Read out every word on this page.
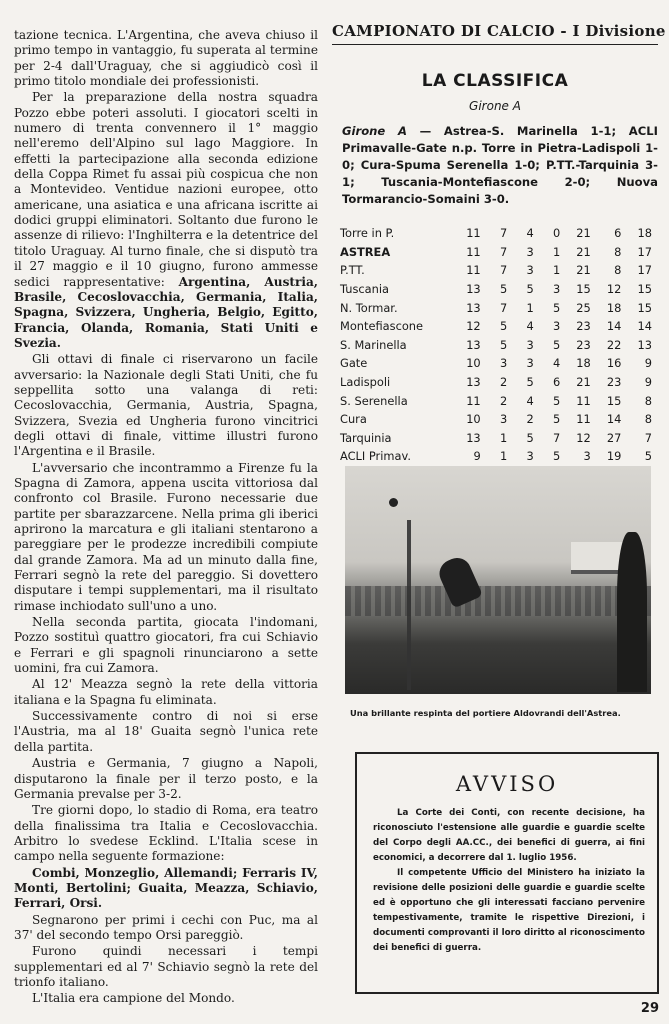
tazione tecnica. L'Argentina, che aveva chiuso il primo tempo in vantaggio, fu superata al termine per 2-4 dall'Uraguay, che si aggiudicò così il primo titolo mondiale dei professionisti.

Per la preparazione della nostra squadra Pozzo ebbe poteri assoluti. I giocatori scelti in numero di trenta convennero il 1° maggio nell'eremo dell'Alpino sul lago Maggiore. In effetti la partecipazione alla seconda edizione della Coppa Rimet fu assai più cospicua che non a Montevideo. Ventidue nazioni europee, otto americane, una asiatica e una africana iscritte ai dodici gruppi eliminatori. Soltanto due furono le assenze di rilievo: l'Inghilterra e la detentrice del titolo Uraguay. Al turno finale, che si disputò tra il 27 maggio e il 10 giugno, furono ammesse sedici rappresentative: Argentina, Austria, Brasile, Cecoslovacchia, Germania, Italia, Spagna, Svizzera, Ungheria, Belgio, Egitto, Francia, Olanda, Romania, Stati Uniti e Svezia.

Gli ottavi di finale ci riservarono un facile avversario: la Nazionale degli Stati Uniti, che fu seppellita sotto una valanga di reti: Cecoslovacchia, Germania, Austria, Spagna, Svizzera, Svezia ed Ungheria furono vincitrici degli ottavi di finale, vittime illustri furono l'Argentina e il Brasile.

L'avversario che incontrammo a Firenze fu la Spagna di Zamora, appena uscita vittoriosa dal confronto col Brasile. Furono necessarie due partite per sbarazzarcene. Nella prima gli iberici aprirono la marcatura e gli italiani stentarono a pareggiare per le prodezze incredibili compiute dal grande Zamora. Ma ad un minuto dalla fine, Ferrari segnò la rete del pareggio. Si dovettero disputare i tempi supplementari, ma il risultato rimase inchiodato sull'uno a uno.

Nella seconda partita, giocata l'indomani, Pozzo sostituì quattro giocatori, fra cui Schiavio e Ferrari e gli spagnoli rinunciarono a sette uomini, fra cui Zamora.

Al 12' Meazza segnò la rete della vittoria italiana e la Spagna fu eliminata.

Successivamente contro di noi si erse l'Austria, ma al 18' Guaita segnò l'unica rete della partita.

Austria e Germania, 7 giugno a Napoli, disputarono la finale per il terzo posto, e la Germania prevalse per 3-2.

Tre giorni dopo, lo stadio di Roma, era teatro della finalissima tra Italia e Cecoslovacchia. Arbitro lo svedese Ecklind. L'Italia scese in campo nella seguente formazione:

Combi, Monzeglio, Allemandi; Ferraris IV, Monti, Bertolini; Guaita, Meazza, Schiavio, Ferrari, Orsi.

Segnarono per primi i cechi con Puc, ma al 37' del secondo tempo Orsi pareggiò.

Furono quindi necessari i tempi supplementari ed al 7' Schiavio segnò la rete del trionfo italiano.

L'Italia era campione del Mondo.

CAMPIONATO DI CALCIO - I Divisione
LA CLASSIFICA
Girone A
Girone A — Astrea-S. Marinella 1-1; ACLI Primavalle-Gate n.p. Torre in Pietra-Ladispoli 1-0; Cura-Spuma Serenella 1-0; P.TT.-Tarquinia 3-1; Tuscania-Montefiascone 2-0; Nuova Tormarancio-Somaini 3-0.
Torre in P.	11	7	4	0	21	6	18
ASTREA	11	7	3	1	21	8	17
P.TT.	11	7	3	1	21	8	17
Tuscania	13	5	5	3	15	12	15
N. Tormar.	13	7	1	5	25	18	15
Montefiascone	12	5	4	3	23	14	14
S. Marinella	13	5	3	5	23	22	13
Gate	10	3	3	4	18	16	9
Ladispoli	13	2	5	6	21	23	9
S. Serenella	11	2	4	5	11	15	8
Cura	10	3	2	5	11	14	8
Tarquinia	13	1	5	7	12	27	7
ACLI Primav.	9	1	3	5	3	19	5
Una brillante respinta del portiere Aldovrandi dell'Astrea.
AVVISO

La Corte dei Conti, con recente decisione, ha riconosciuto l'estensione alle guardie e guardie scelte del Corpo degli AA.CC., dei benefici di guerra, ai fini economici, a decorrere dal 1. luglio 1956.

Il competente Ufficio del Ministero ha iniziato la revisione delle posizioni delle guardie e guardie scelte ed è opportuno che gli interessati facciano pervenire tempestivamente, tramite le rispettive Direzioni, i documenti comprovanti il loro diritto al riconoscimento dei benefici di guerra.

29
